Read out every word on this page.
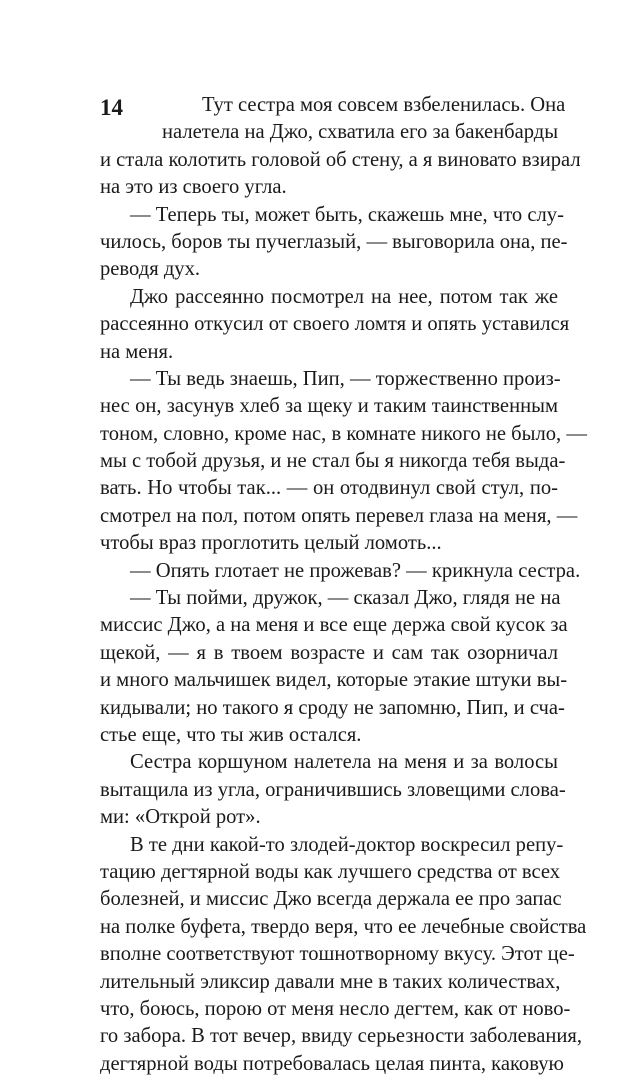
14	Тут сестра моя совсем взбеленилась. Она
налетела на Джо, схватила его за бакенбарды
и стала колотить головой об стену, а я виновато взирал
на это из своего угла.
— Теперь ты, может быть, скажешь мне, что слу-
чилось, боров ты пучеглазый, — выговорила она, пе-
реводя дух.
Джо рассеянно посмотрел на нее, потом так же
рассеянно откусил от своего ломтя и опять уставился
на меня.
— Ты ведь знаешь, Пип, — торжественно произ-
нес он, засунув хлеб за щеку и таким таинственным
тоном, словно, кроме нас, в комнате никого не было, —
мы с тобой друзья, и не стал бы я никогда тебя выда-
вать. Но чтобы так... — он отодвинул свой стул, по-
смотрел на пол, потом опять перевел глаза на меня, —
чтобы враз проглотить целый ломоть...
— Опять глотает не прожевав? — крикнула сестра.
— Ты пойми, дружок, — сказал Джо, глядя не на
миссис Джо, а на меня и все еще держа свой кусок за
щекой, — я в твоем возрасте и сам так озорничал
и много мальчишек видел, которые этакие штуки вы-
кидывали; но такого я сроду не запомню, Пип, и сча-
стье еще, что ты жив остался.
Сестра коршуном налетела на меня и за волосы
вытащила из угла, ограничившись зловещими слова-
ми: «Открой рот».
В те дни какой-то злодей-доктор воскресил репу-
тацию дегтярной воды как лучшего средства от всех
болезней, и миссис Джо всегда держала ее про запас
на полке буфета, твердо веря, что ее лечебные свойства
вполне соответствуют тошнотворному вкусу. Этот це-
лительный эликсир давали мне в таких количествах,
что, боюсь, порою от меня несло дегтем, как от ново-
го забора. В тот вечер, ввиду серьезности заболевания,
дегтярной воды потребовалась целая пинта, каковую
